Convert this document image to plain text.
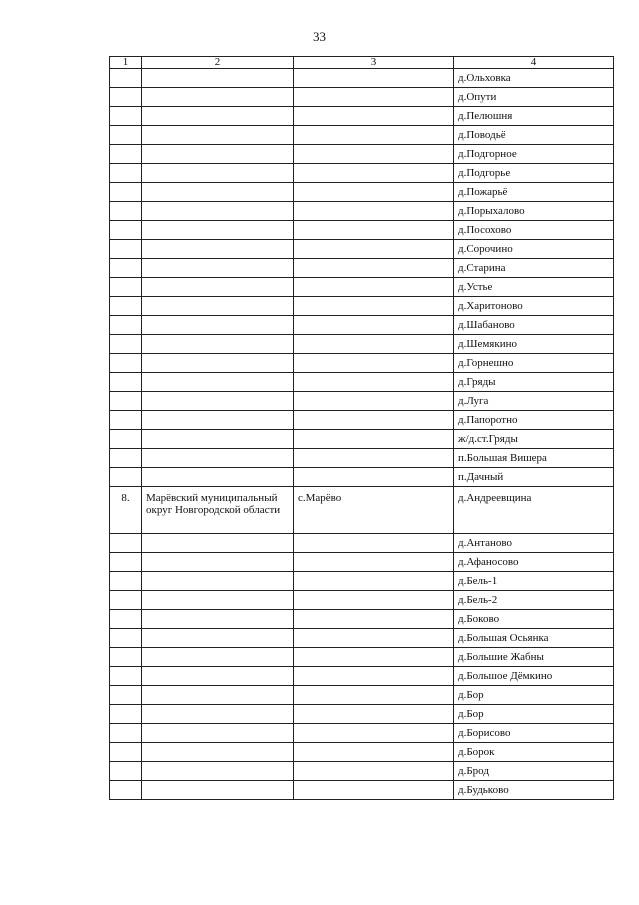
33
1	2	3	4
			д.Ольховка
			д.Опути
			д.Пелюшня
			д.Поводьё
			д.Подгорное
			д.Подгорье
			д.Пожарьё
			д.Порыхалово
			д.Посохово
			д.Сорочино
			д.Старина
			д.Устье
			д.Харитоново
			д.Шабаново
			д.Шемякино
			д.Горнешно
			д.Гряды
			д.Луга
			д.Папоротно
			ж/д.ст.Гряды
			п.Большая Вишера
			п.Дачный
8.	Марёвский муниципальный округ Новгородской области	с.Марёво	д.Андреевщина
			д.Антаново
			д.Афаносово
			д.Бель-1
			д.Бель-2
			д.Боково
			д.Большая Осьянка
			д.Большие Жабны
			д.Большое Дёмкино
			д.Бор
			д.Бор
			д.Борисово
			д.Борок
			д.Брод
			д.Будьково
